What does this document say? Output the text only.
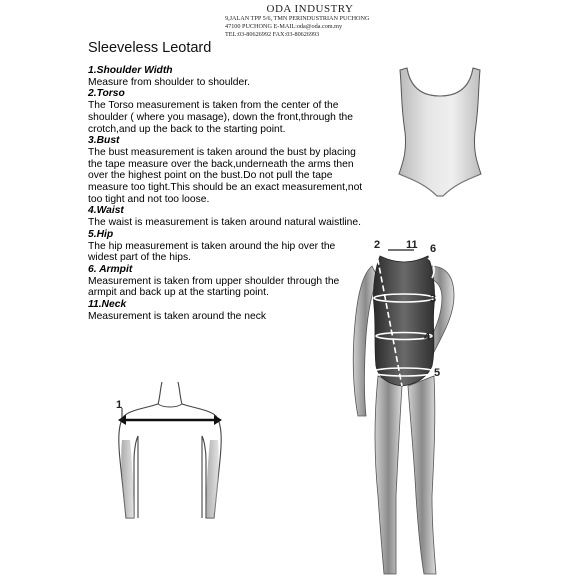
ODA INDUSTRY
9,JALAN TPP 5/6, TMN PERINDUSTRIAN PUCHONG
47100 PUCHONG E-MAIL:oda@oda.com.my
TEL:03-80626992 FAX:03-80626993
Sleeveless Leotard

1.Shoulder Width

Measure from shoulder to shoulder.

2.Torso

The Torso measurement is taken from the center of the shoulder ( where you masage), down the front,through the crotch,and up the back to the starting point.

3.Bust

The bust measurement is taken around the bust by placing the tape measure over the back,underneath the arms then over the highest point on the bust.Do not pull the tape measure too tight.This should be an exact measurement,not too tight and not too loose.

4.Waist

The waist is measurement is taken around natural waistline.

5.Hip

The hip measurement is taken around the hip over the widest part of the hips.

6. Armpit

Measurement is taken from upper shoulder through the armpit and back up at the starting point.

11.Neck

Measurement is taken around the neck

1
2 11 6
3
4
5
